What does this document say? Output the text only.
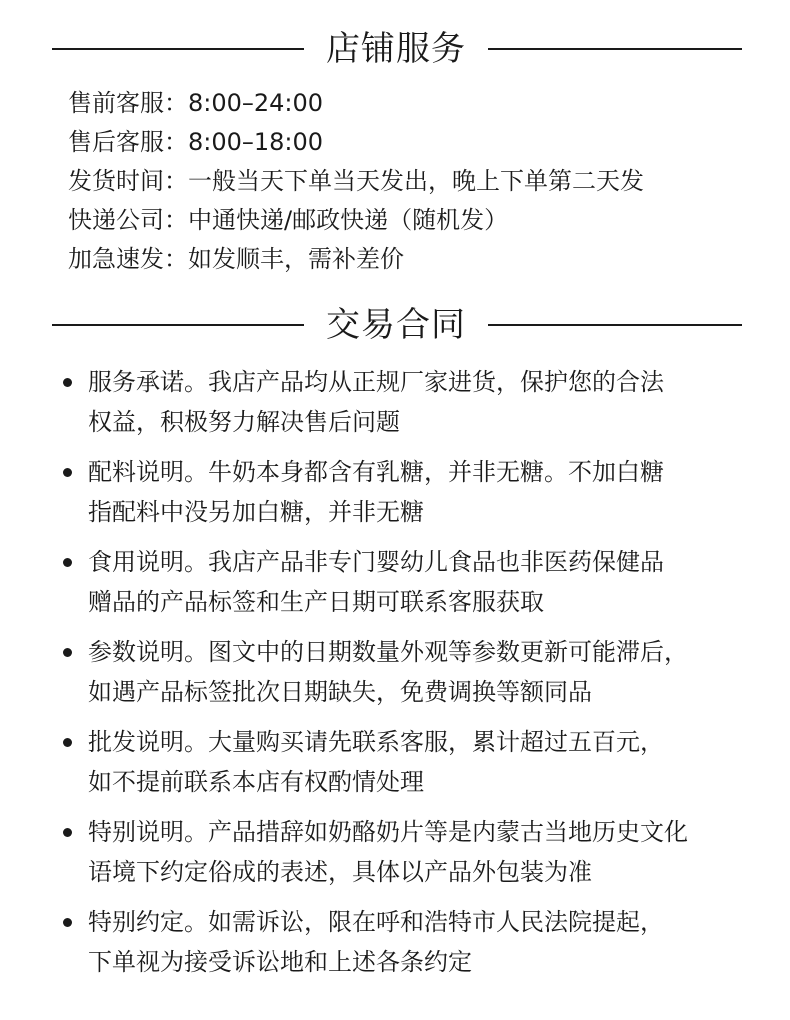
店铺服务
售前客服：8:00–24:00
售后客服：8:00–18:00
发货时间：一般当天下单当天发出，晚上下单第二天发
快递公司：中通快递/邮政快递（随机发）
加急速发：如发顺丰，需补差价
交易合同
服务承诺。我店产品均从正规厂家进货，保护您的合法
权益，积极努力解决售后问题
配料说明。牛奶本身都含有乳糖，并非无糖。不加白糖
指配料中没另加白糖，并非无糖
食用说明。我店产品非专门婴幼儿食品也非医药保健品
赠品的产品标签和生产日期可联系客服获取
参数说明。图文中的日期数量外观等参数更新可能滞后，
如遇产品标签批次日期缺失，免费调换等额同品
批发说明。大量购买请先联系客服，累计超过五百元，
如不提前联系本店有权酌情处理
特别说明。产品措辞如奶酪奶片等是内蒙古当地历史文化
语境下约定俗成的表述，具体以产品外包装为准
特别约定。如需诉讼，限在呼和浩特市人民法院提起，
下单视为接受诉讼地和上述各条约定
